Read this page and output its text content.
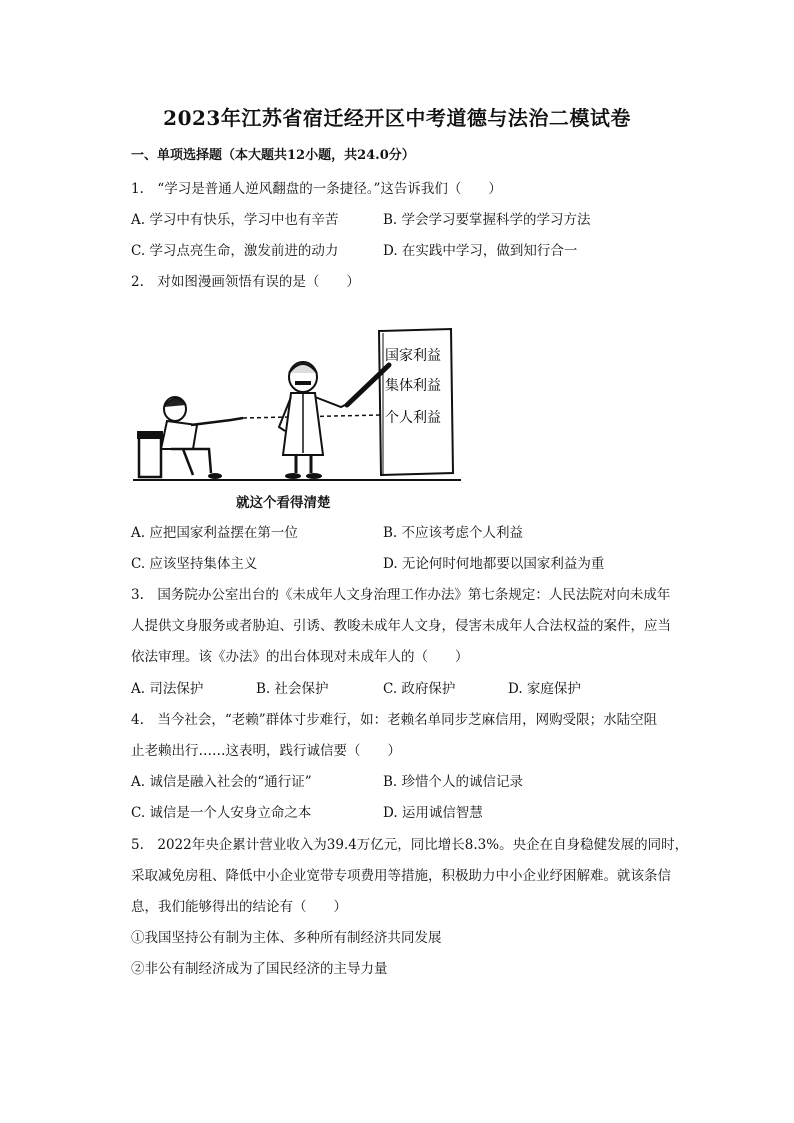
2023年江苏省宿迁经开区中考道德与法治二模试卷
一、单项选择题（本大题共12小题，共24.0分）
1.　“学习是普通人逆风翻盘的一条捷径。”这告诉我们（　　）
A. 学习中有快乐，学习中也有辛苦	B. 学会学习要掌握科学的学习方法
C. 学习点亮生命，激发前进的动力	D. 在实践中学习，做到知行合一
2.　对如图漫画领悟有误的是（　　）
国家利益
集体利益
个人利益
就这个看得清楚
A. 应把国家利益摆在第一位	B. 不应该考虑个人利益
C. 应该坚持集体主义	D. 无论何时何地都要以国家利益为重
3.　国务院办公室出台的《未成年人文身治理工作办法》第七条规定：人民法院对向未成年
人提供文身服务或者胁迫、引诱、教唆未成年人文身，侵害未成年人合法权益的案件，应当
依法审理。该《办法》的出台体现对未成年人的（　　）
A. 司法保护	B. 社会保护	C. 政府保护	D. 家庭保护
4.　当今社会，“老赖”群体寸步难行，如：老赖名单同步芝麻信用，网购受限；水陆空阻
止老赖出行……这表明，践行诚信要（　　）
A. 诚信是融入社会的“通行证”	B. 珍惜个人的诚信记录
C. 诚信是一个人安身立命之本	D. 运用诚信智慧
5.　2022年央企累计营业收入为39.4万亿元，同比增长8.3%。央企在自身稳健发展的同时，
采取减免房租、降低中小企业宽带专项费用等措施，积极助力中小企业纾困解难。就该条信
息，我们能够得出的结论有（　　）
①我国坚持公有制为主体、多种所有制经济共同发展
②非公有制经济成为了国民经济的主导力量
